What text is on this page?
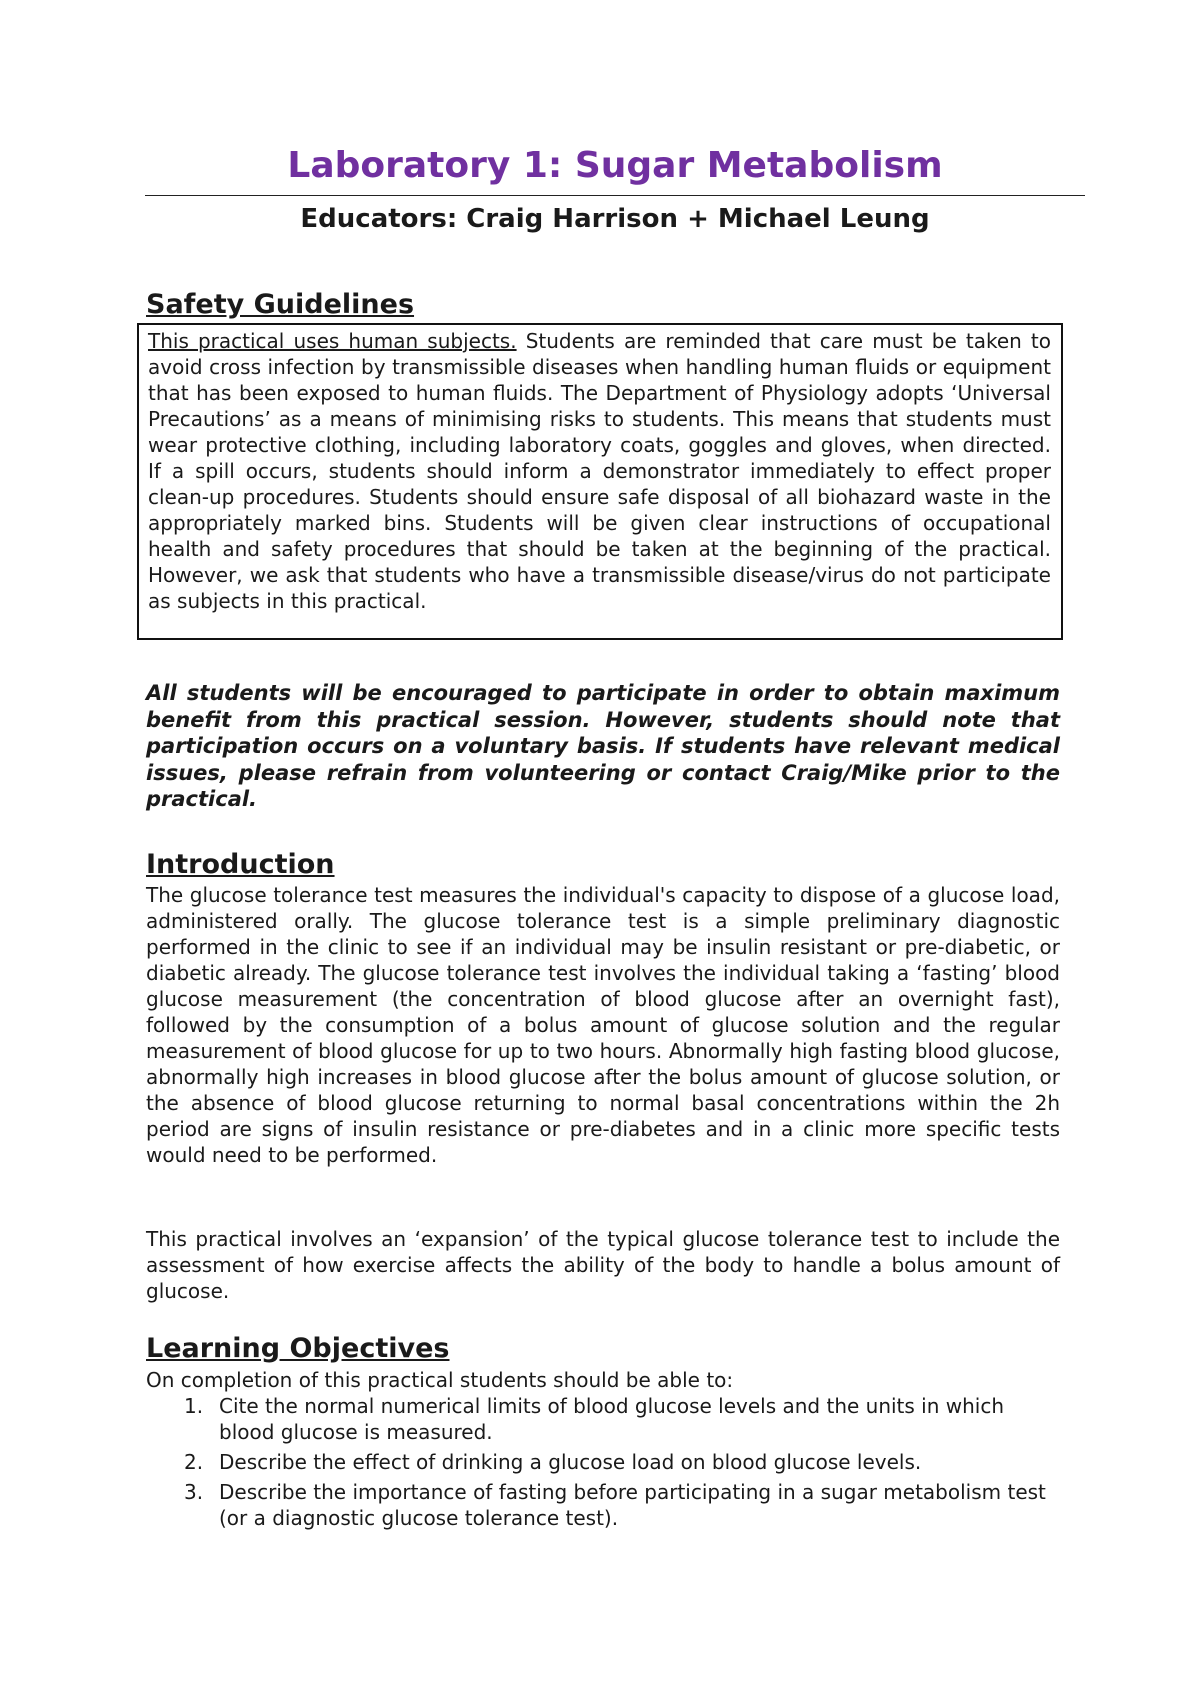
Laboratory 1: Sugar Metabolism

Educators: Craig Harrison + Michael Leung

Safety Guidelines

This practical uses human subjects. Students are reminded that care must be taken to avoid cross infection by transmissible diseases when handling human fluids or equipment that has been exposed to human fluids. The Department of Physiology adopts ‘Universal Precautions’ as a means of minimising risks to students. This means that students must wear protective clothing, including laboratory coats, goggles and gloves, when directed. If a spill occurs, students should inform a demonstrator immediately to effect proper clean-up procedures. Students should ensure safe disposal of all biohazard waste in the appropriately marked bins. Students will be given clear instructions of occupational health and safety procedures that should be taken at the beginning of the practical. However, we ask that students who have a transmissible disease/virus do not participate as subjects in this practical.

All students will be encouraged to participate in order to obtain maximum benefit from this practical session. However, students should note that participation occurs on a voluntary basis. If students have relevant medical issues, please refrain from volunteering or contact Craig/Mike prior to the practical.

Introduction

The glucose tolerance test measures the individual's capacity to dispose of a glucose load, administered orally. The glucose tolerance test is a simple preliminary diagnostic performed in the clinic to see if an individual may be insulin resistant or pre-diabetic, or diabetic already. The glucose tolerance test involves the individual taking a ‘fasting’ blood glucose measurement (the concentration of blood glucose after an overnight fast), followed by the consumption of a bolus amount of glucose solution and the regular measurement of blood glucose for up to two hours. Abnormally high fasting blood glucose, abnormally high increases in blood glucose after the bolus amount of glucose solution, or the absence of blood glucose returning to normal basal concentrations within the 2h period are signs of insulin resistance or pre-diabetes and in a clinic more specific tests would need to be performed.

This practical involves an ‘expansion’ of the typical glucose tolerance test to include the assessment of how exercise affects the ability of the body to handle a bolus amount of glucose.

Learning Objectives

On completion of this practical students should be able to:

1. Cite the normal numerical limits of blood glucose levels and the units in which blood glucose is measured.
2. Describe the effect of drinking a glucose load on blood glucose levels.
3. Describe the importance of fasting before participating in a sugar metabolism test (or a diagnostic glucose tolerance test).
